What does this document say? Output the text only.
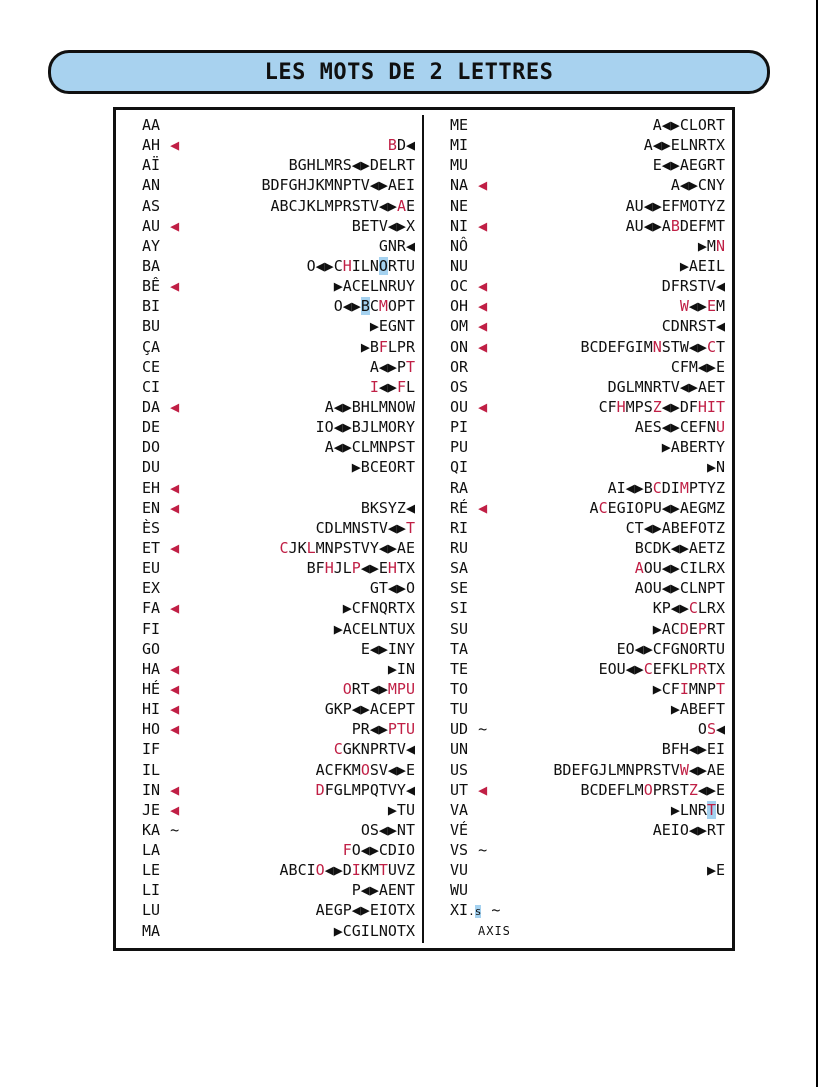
LES MOTS DE 2 LETTRES
AA
AH ◀	BD◀
AÏ	BGHLMRS◀▶DELRT
AN	BDFGHJKMNPTV◀▶AEI
AS	ABCJKLMPRSTV◀▶AE
AU ◀	BETV◀▶X
AY	GNR◀
BA	O◀▶CHILNORTU
BÊ ◀	▶ACELNRUY
BI	O◀▶BCMOPT
BU	▶EGNT
ÇA	▶BFLPR
CE	A◀▶PT
CI	I◀▶FL
DA ◀	A◀▶BHLMNOW
DE	IO◀▶BJLMORY
DO	A◀▶CLMNPST
DU	▶BCEORT
EH ◀
EN ◀	BKSYZ◀
ÈS	CDLMNSTV◀▶T
ET ◀	CJKLMNPSTVY◀▶AE
EU	BFHJLP◀▶EHTX
EX	GT◀▶O
FA ◀	▶CFNQRTX
FI	▶ACELNTUX
GO	E◀▶INY
HA ◀	▶IN
HÉ ◀	ORT◀▶MPU
HI ◀	GKP◀▶ACEPT
HO ◀	PR◀▶PTU
IF	CGKNPRTV◀
IL	ACFKMOSV◀▶E
IN ◀	DFGLMPQTVY◀
JE ◀	▶TU
KA ~	OS◀▶NT
LA	FO◀▶CDIO
LE	ABCIO◀▶DIKMTUVZ
LI	P◀▶AENT
LU	AEGP◀▶EIOTX
MA	▶CGILNOTX
ME	A◀▶CLORT
MI	A◀▶ELNRTX
MU	E◀▶AEGRT
NA ◀	A◀▶CNY
NE	AU◀▶EFMOTYZ
NI ◀	AU◀▶ABDEFMT
NÔ	▶MN
NU	▶AEIL
OC ◀	DFRSTV◀
OH ◀	W◀▶EM
OM ◀	CDNRST◀
ON ◀	BCDEFGIMNSTW◀▶CT
OR	CFM◀▶E
OS	DGLMNRTV◀▶AET
OU ◀	CFHMPSZ◀▶DFHIT
PI	AES◀▶CEFNU
PU	▶ABERTY
QI	▶N
RA	AI◀▶BCDIMPTYZ
RÉ ◀	ACEGIOPU◀▶AEGMZ
RI	CT◀▶ABEFOTZ
RU	BCDK◀▶AETZ
SA	AOU◀▶CILRX
SE	AOU◀▶CLNPT
SI	KP◀▶CLRX
SU	▶ACDEPRT
TA	EO◀▶CFGNORTU
TE	EOU◀▶CEFKLPRTX
TO	▶CFIMNPT
TU	▶ABEFT
UD ~	OS◀
UN	BFH◀▶EI
US	BDEFGJLMNPRSTVW◀▶AE
UT ◀	BCDEFLMOPRSTZ◀▶E
VA	▶LNRTU
VÉ	AEIO◀▶RT
VS ~
VU	▶E
WU
XI.s ~
AXIS
